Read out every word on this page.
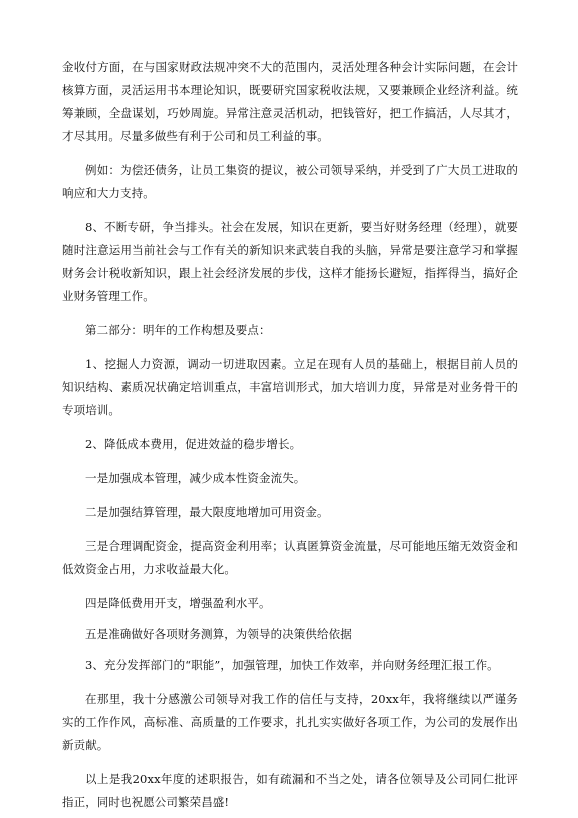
金收付方面，在与国家财政法规冲突不大的范围内，灵活处理各种会计实际问题，在会计核算方面，灵活运用书本理论知识，既要研究国家税收法规，又要兼顾企业经济利益。统筹兼顾，全盘谋划，巧妙周旋。异常注意灵活机动，把钱管好，把工作搞活，人尽其才，才尽其用。尽量多做些有利于公司和员工利益的事。

例如：为偿还债务，让员工集资的提议，被公司领导采纳，并受到了广大员工进取的响应和大力支持。

8、不断专研，争当排头。社会在发展，知识在更新，要当好财务经理（经理），就要随时注意运用当前社会与工作有关的新知识来武装自我的头脑，异常是要注意学习和掌握财务会计税收新知识，跟上社会经济发展的步伐，这样才能扬长避短，指挥得当，搞好企业财务管理工作。

第二部分：明年的工作构想及要点：

1、挖掘人力资源，调动一切进取因素。立足在现有人员的基础上，根据目前人员的知识结构、素质况状确定培训重点，丰富培训形式，加大培训力度，异常是对业务骨干的专项培训。

2、降低成本费用，促进效益的稳步增长。

一是加强成本管理，减少成本性资金流失。

二是加强结算管理，最大限度地增加可用资金。

三是合理调配资金，提高资金利用率；认真匿算资金流量，尽可能地压缩无效资金和低效资金占用，力求收益最大化。

四是降低费用开支，增强盈利水平。

五是准确做好各项财务测算，为领导的决策供给依据

3、充分发挥部门的“职能”，加强管理，加快工作效率，并向财务经理汇报工作。

在那里，我十分感激公司领导对我工作的信任与支持，20xx年，我将继续以严谨务实的工作作风，高标准、高质量的工作要求，扎扎实实做好各项工作，为公司的发展作出新贡献。

以上是我20xx年度的述职报告，如有疏漏和不当之处，请各位领导及公司同仁批评指正，同时也祝愿公司繁荣昌盛!
